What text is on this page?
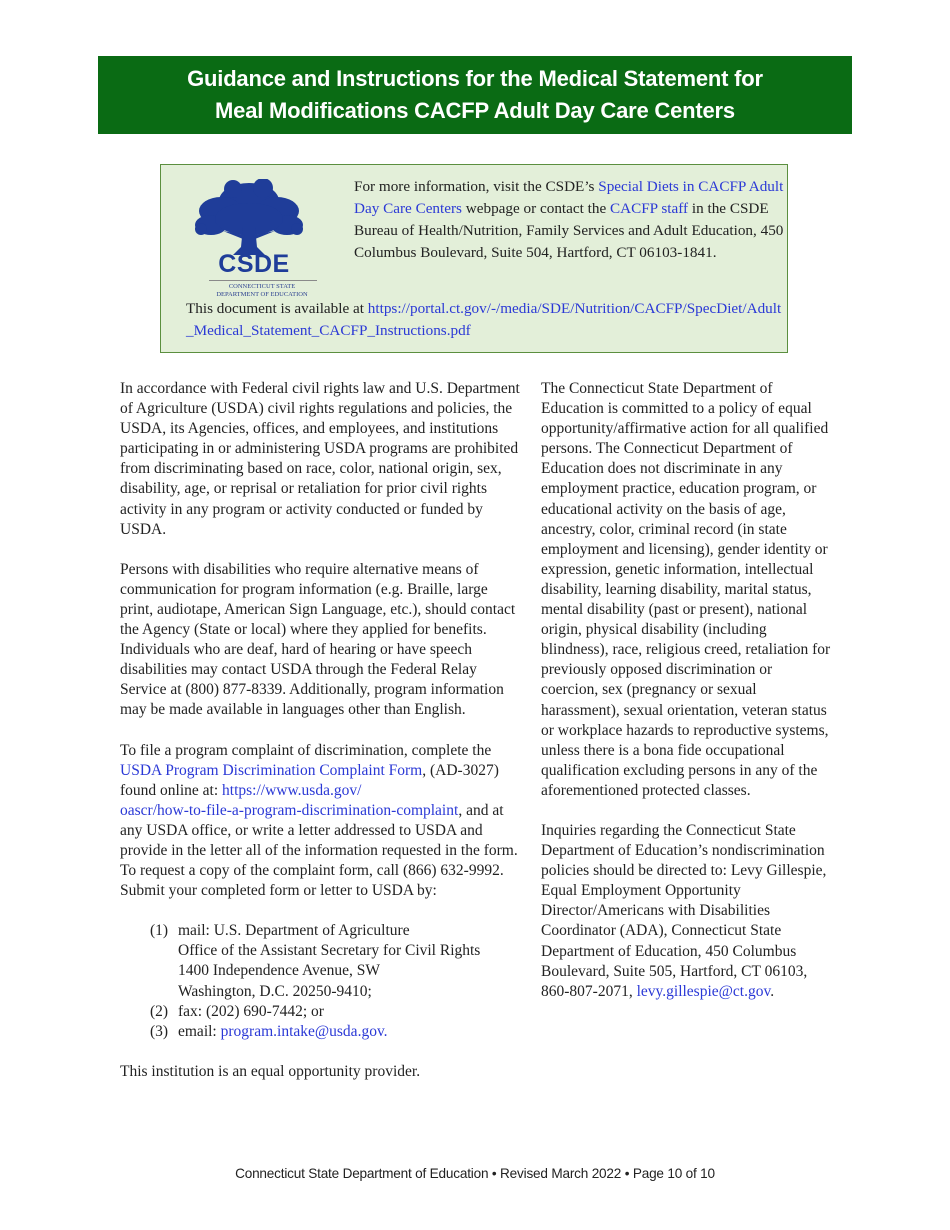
Guidance and Instructions for the Medical Statement for
Meal Modifications CACFP Adult Day Care Centers
CSDE
CONNECTICUT STATE
DEPARTMENT OF EDUCATION
For more information, visit the CSDE’s Special Diets in CACFP Adult Day Care Centers webpage or contact the CACFP staff in the CSDE Bureau of Health/Nutrition, Family Services and Adult Education, 450 Columbus Boulevard, Suite 504, Hartford, CT 06103-1841.
This document is available at https://portal.ct.gov/-/media/SDE/Nutrition/CACFP/SpecDiet/Adult_Medical_Statement_CACFP_Instructions.pdf

In accordance with Federal civil rights law and U.S. Department of Agriculture (USDA) civil rights regulations and policies, the USDA, its Agencies, offices, and employees, and institutions participating in or administering USDA programs are prohibited from discriminating based on race, color, national origin, sex, disability, age, or reprisal or retaliation for prior civil rights activity in any program or activity conducted or funded by USDA.

Persons with disabilities who require alternative means of communication for program information (e.g. Braille, large print, audiotape, American Sign Language, etc.), should contact the Agency (State or local) where they applied for benefits. Individuals who are deaf, hard of hearing or have speech disabilities may contact USDA through the Federal Relay Service at (800) 877-8339. Additionally, program information may be made available in languages other than English.

To file a program complaint of discrimination, complete the USDA Program Discrimination Complaint Form, (AD-3027) found online at: https://www.usda.gov/
oascr/how-to-file-a-program-discrimination-complaint, and at any USDA office, or write a letter addressed to USDA and provide in the letter all of the information requested in the form. To request a copy of the complaint form, call (866) 632-9992. Submit your completed form or letter to USDA by:

(1) mail: U.S. Department of Agriculture
Office of the Assistant Secretary for Civil Rights
1400 Independence Avenue, SW
Washington, D.C. 20250-9410;
(2) fax: (202) 690-7442; or
(3) email: program.intake@usda.gov.

This institution is an equal opportunity provider.

The Connecticut State Department of Education is committed to a policy of equal opportunity/affirmative action for all qualified persons. The Connecticut Department of Education does not discriminate in any employment practice, education program, or educational activity on the basis of age, ancestry, color, criminal record (in state employment and licensing), gender identity or expression, genetic information, intellectual disability, learning disability, marital status, mental disability (past or present), national origin, physical disability (including blindness), race, religious creed, retaliation for previously opposed discrimination or coercion, sex (pregnancy or sexual harassment), sexual orientation, veteran status or workplace hazards to reproductive systems, unless there is a bona fide occupational qualification excluding persons in any of the aforementioned protected classes.

Inquiries regarding the Connecticut State Department of Education’s nondiscrimination policies should be directed to: Levy Gillespie, Equal Employment Opportunity Director/Americans with Disabilities Coordinator (ADA), Connecticut State Department of Education, 450 Columbus Boulevard, Suite 505, Hartford, CT 06103, 860-807-2071, levy.gillespie@ct.gov.

Connecticut State Department of Education • Revised March 2022 • Page 10 of 10
